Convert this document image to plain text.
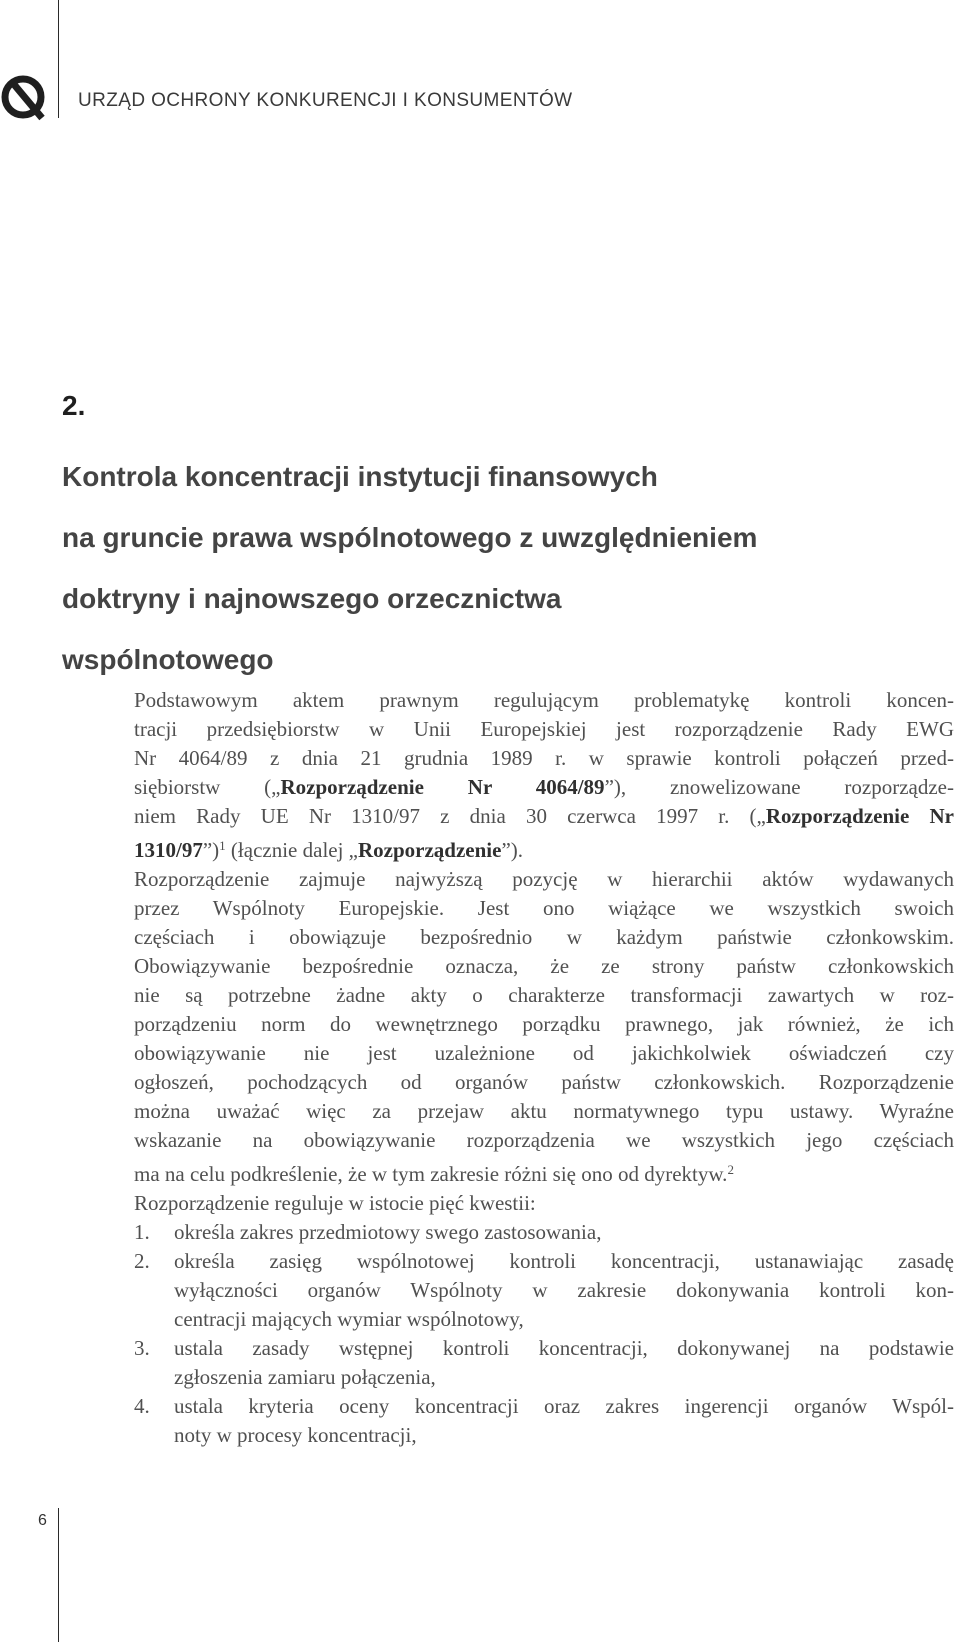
URZĄD OCHRONY KONKURENCJI I KONSUMENTÓW
2.
Kontrola koncentracji instytucji finansowych
na gruncie prawa wspólnotowego z uwzględnieniem
doktryny i najnowszego orzecznictwa
wspólnotowego
Podstawowym aktem prawnym regulującym problematykę kontroli koncen-
tracji przedsiębiorstw w Unii Europejskiej jest rozporządzenie Rady EWG
Nr 4064/89 z dnia 21 grudnia 1989 r. w sprawie kontroli połączeń przed-
siębiorstw („Rozporządzenie Nr 4064/89”), znowelizowane rozporządze-
niem Rady UE Nr 1310/97 z dnia 30 czerwca 1997 r. („Rozporządzenie Nr
1310/97”)$^1$ (łącznie dalej „Rozporządzenie”).
Rozporządzenie zajmuje najwyższą pozycję w hierarchii aktów wydawanych
przez Wspólnoty Europejskie. Jest ono wiążące we wszystkich swoich
częściach i obowiązuje bezpośrednio w każdym państwie członkowskim.
Obowiązywanie bezpośrednie oznacza, że ze strony państw członkowskich
nie są potrzebne żadne akty o charakterze transformacji zawartych w roz-
porządzeniu norm do wewnętrznego porządku prawnego, jak również, że ich
obowiązywanie nie jest uzależnione od jakichkolwiek oświadczeń czy
ogłoszeń, pochodzących od organów państw członkowskich. Rozporządzenie
można uważać więc za przejaw aktu normatywnego typu ustawy. Wyraźne
wskazanie na obowiązywanie rozporządzenia we wszystkich jego częściach
ma na celu podkreślenie, że w tym zakresie różni się ono od dyrektyw.$^2$
Rozporządzenie reguluje w istocie pięć kwestii:
1. określa zakres przedmiotowy swego zastosowania,
2. określa zasięg wspólnotowej kontroli koncentracji, ustanawiając zasadę
wyłączności organów Wspólnoty w zakresie dokonywania kontroli kon-
centracji mających wymiar wspólnotowy,
3. ustala zasady wstępnej kontroli koncentracji, dokonywanej na podstawie
zgłoszenia zamiaru połączenia,
4. ustala kryteria oceny koncentracji oraz zakres ingerencji organów Wspól-
noty w procesy koncentracji,
6
